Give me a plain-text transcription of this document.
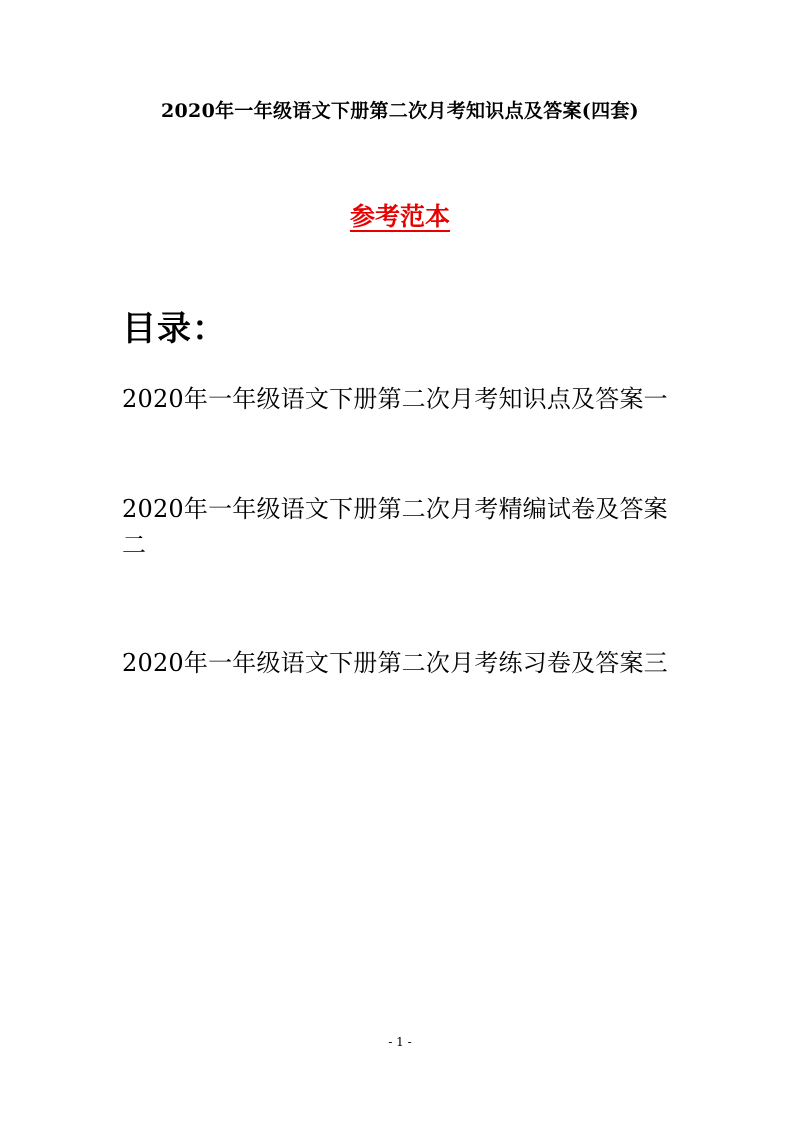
2020年一年级语文下册第二次月考知识点及答案(四套)
参考范本
目录：
2020年一年级语文下册第二次月考知识点及答案一
2020年一年级语文下册第二次月考精编试卷及答案二
2020年一年级语文下册第二次月考练习卷及答案三
- 1 -
